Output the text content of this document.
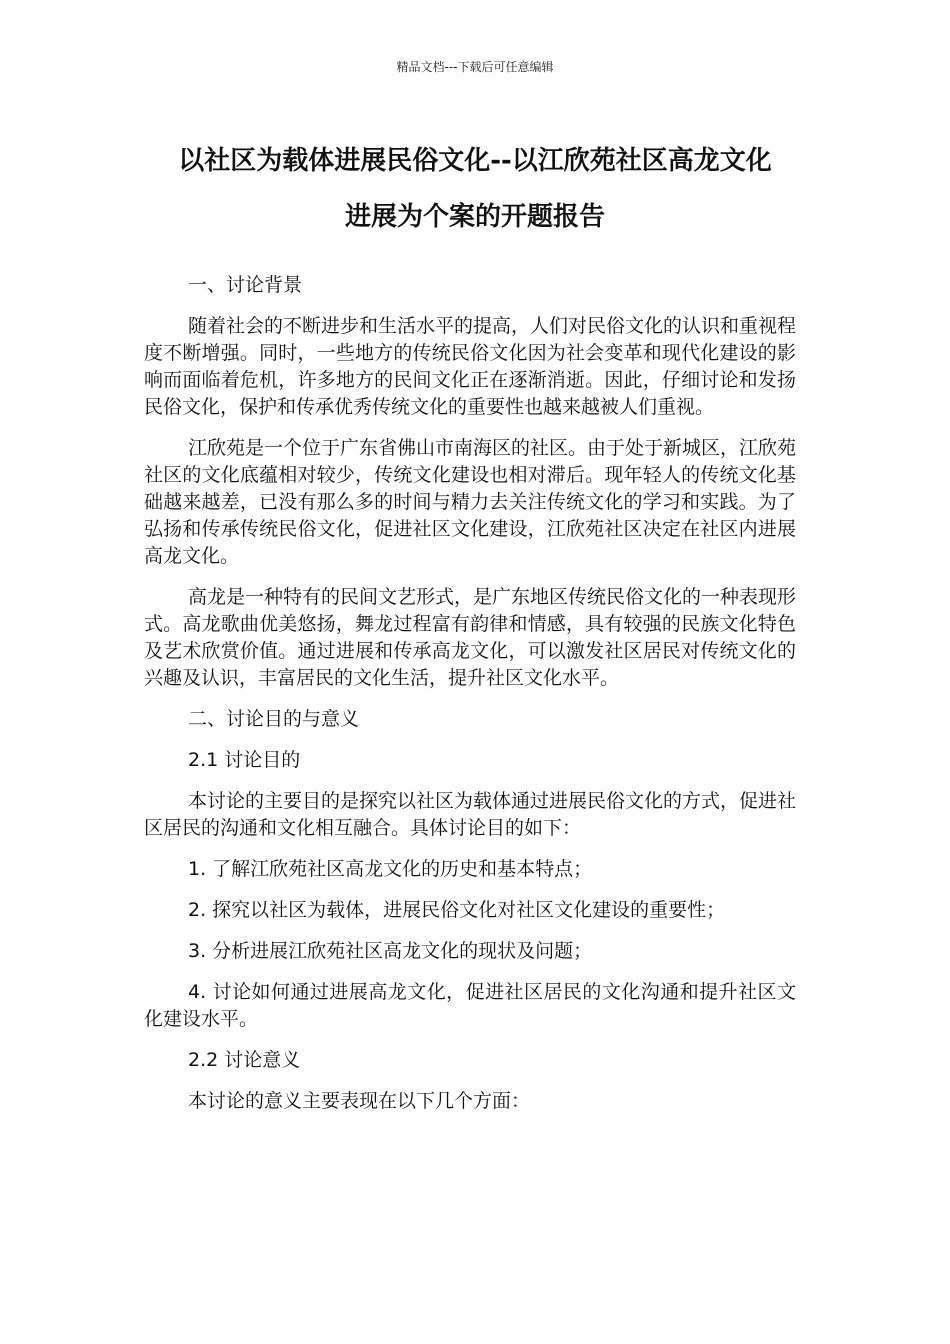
精品文档---下载后可任意编辑
以社区为载体进展民俗文化--以江欣苑社区高龙文化
进展为个案的开题报告

一、讨论背景

随着社会的不断进步和生活水平的提高，人们对民俗文化的认识和重视程度不断增强。同时，一些地方的传统民俗文化因为社会变革和现代化建设的影响而面临着危机，许多地方的民间文化正在逐渐消逝。因此，仔细讨论和发扬民俗文化，保护和传承优秀传统文化的重要性也越来越被人们重视。

江欣苑是一个位于广东省佛山市南海区的社区。由于处于新城区，江欣苑社区的文化底蕴相对较少，传统文化建设也相对滞后。现年轻人的传统文化基础越来越差，已没有那么多的时间与精力去关注传统文化的学习和实践。为了弘扬和传承传统民俗文化，促进社区文化建设，江欣苑社区决定在社区内进展高龙文化。

高龙是一种特有的民间文艺形式，是广东地区传统民俗文化的一种表现形式。高龙歌曲优美悠扬，舞龙过程富有韵律和情感，具有较强的民族文化特色及艺术欣赏价值。通过进展和传承高龙文化，可以激发社区居民对传统文化的兴趣及认识，丰富居民的文化生活，提升社区文化水平。

二、讨论目的与意义

2.1 讨论目的

本讨论的主要目的是探究以社区为载体通过进展民俗文化的方式，促进社区居民的沟通和文化相互融合。具体讨论目的如下：

1. 了解江欣苑社区高龙文化的历史和基本特点；

2. 探究以社区为载体，进展民俗文化对社区文化建设的重要性；

3. 分析进展江欣苑社区高龙文化的现状及问题；

4. 讨论如何通过进展高龙文化，促进社区居民的文化沟通和提升社区文化建设水平。

2.2 讨论意义

本讨论的意义主要表现在以下几个方面：
